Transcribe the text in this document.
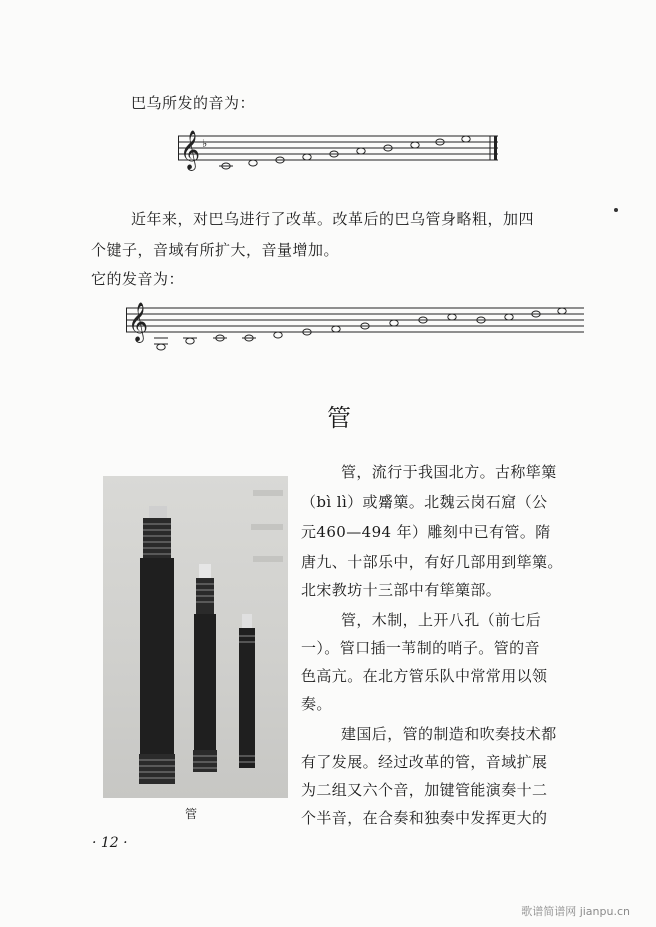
巴乌所发的音为：
𝄞 ♭
近年来，对巴乌进行了改革。改革后的巴乌管身略粗，加四
个键子，音域有所扩大，音量增加。
它的发音为：
𝄞
管
管
管，流行于我国北方。古称筚篥
（bì lì）或觱篥。北魏云岗石窟（公
元460—494 年）雕刻中已有管。隋
唐九、十部乐中，有好几部用到筚篥。
北宋教坊十三部中有筚篥部。
管，木制，上开八孔（前七后
一）。管口插一苇制的哨子。管的音
色高亢。在北方管乐队中常常用以领
奏。
建国后，管的制造和吹奏技术都
有了发展。经过改革的管，音域扩展
为二组又六个音，加键管能演奏十二
个半音，在合奏和独奏中发挥更大的
· 12 ·
歌谱简谱网 jianpu.cn
